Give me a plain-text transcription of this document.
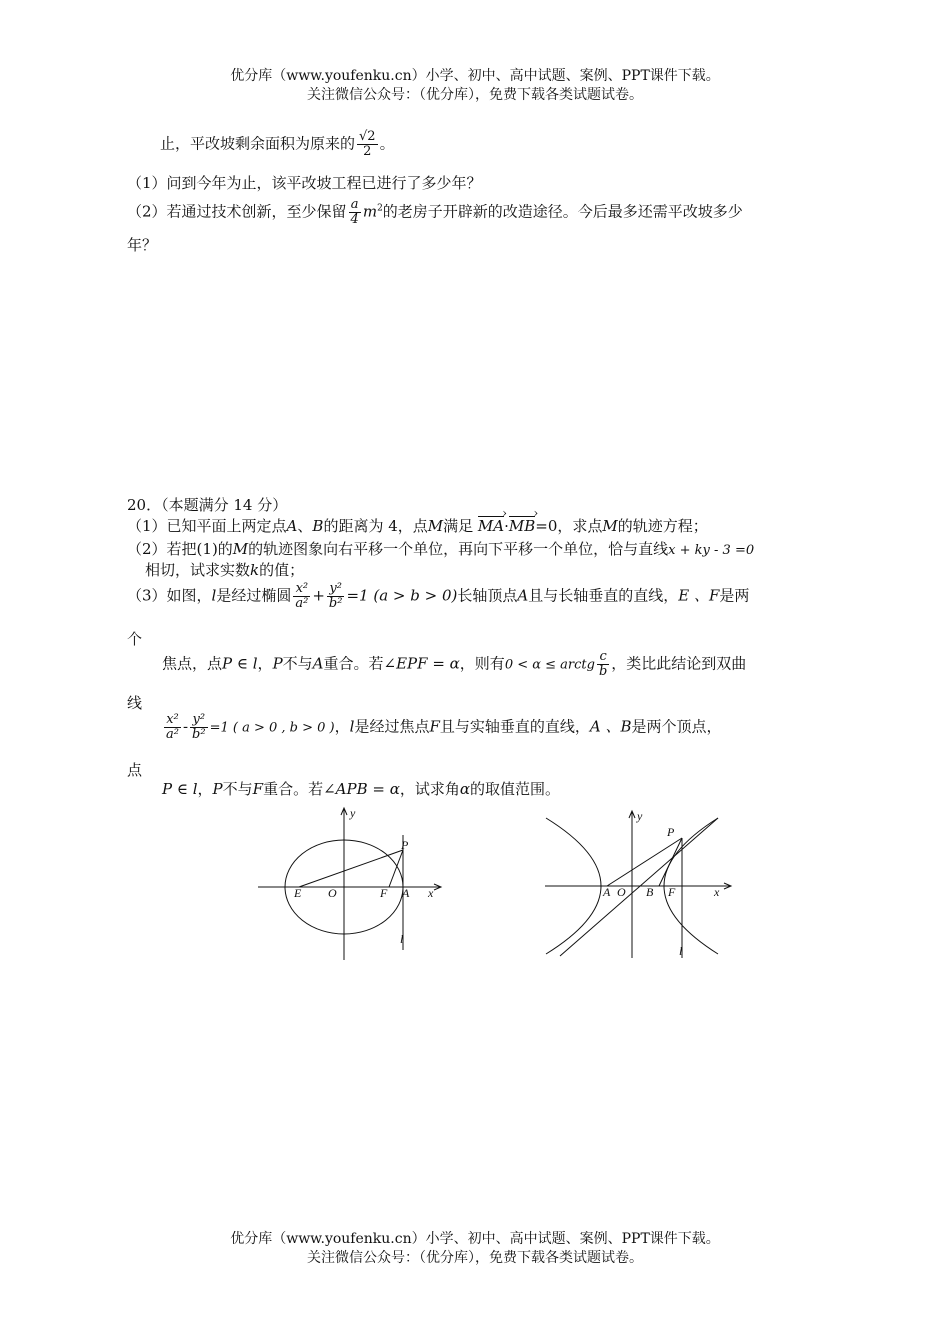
优分库（www.youfenku.cn）小学、初中、高中试题、案例、PPT课件下载。
关注微信公众号：（优分库），免费下载各类试题试卷。
止，平改坡剩余面积为原来的 $\frac{√2}{2}$ 。
（1）问到今年为止，该平改坡工程已进行了多少年？
（2）若通过技术创新，至少保留 $\frac{a}{4} m^2$的老房子开辟新的改造途径。今后最多还需平改坡多少
年？
20．（本题满分 14 分）
（1）已知平面上两定点A、B的距离为 4，点M满足 MA ›·MB ›=0，求点M的轨迹方程；
（2）若把(1)的M的轨迹图象向右平移一个单位，再向下平移一个单位，恰与直线x + ky - 3 =0
相切，试求实数k的值；
（3）如图，l是经过椭圆 $\frac{\text{x²}}{\text{a²}} + \frac{\text{y²}}{\text{b²}} =1$ (a > b > 0)长轴顶点A且与长轴垂直的直线，E 、F是两
个
焦点，点P ∈ l，P不与A重合。若∠EPF = α，则有0 < α ≤ arctg $\frac{c}{b}$ ，类比此结论到双曲
线
$\frac{\text{x²}}{\text{a²}} - \frac{\text{y²}}{\text{b²}} =1$ ( a > 0 , b > 0 )，l是经过焦点F且与实轴垂直的直线，A 、B是两个顶点，
点
P ∈ l，P不与F重合。若∠APB = α，试求角α的取值范围。
y
P
E O	F A x
l
y
P
A O B F	x
l
优分库（www.youfenku.cn）小学、初中、高中试题、案例、PPT课件下载。
关注微信公众号：（优分库），免费下载各类试题试卷。
